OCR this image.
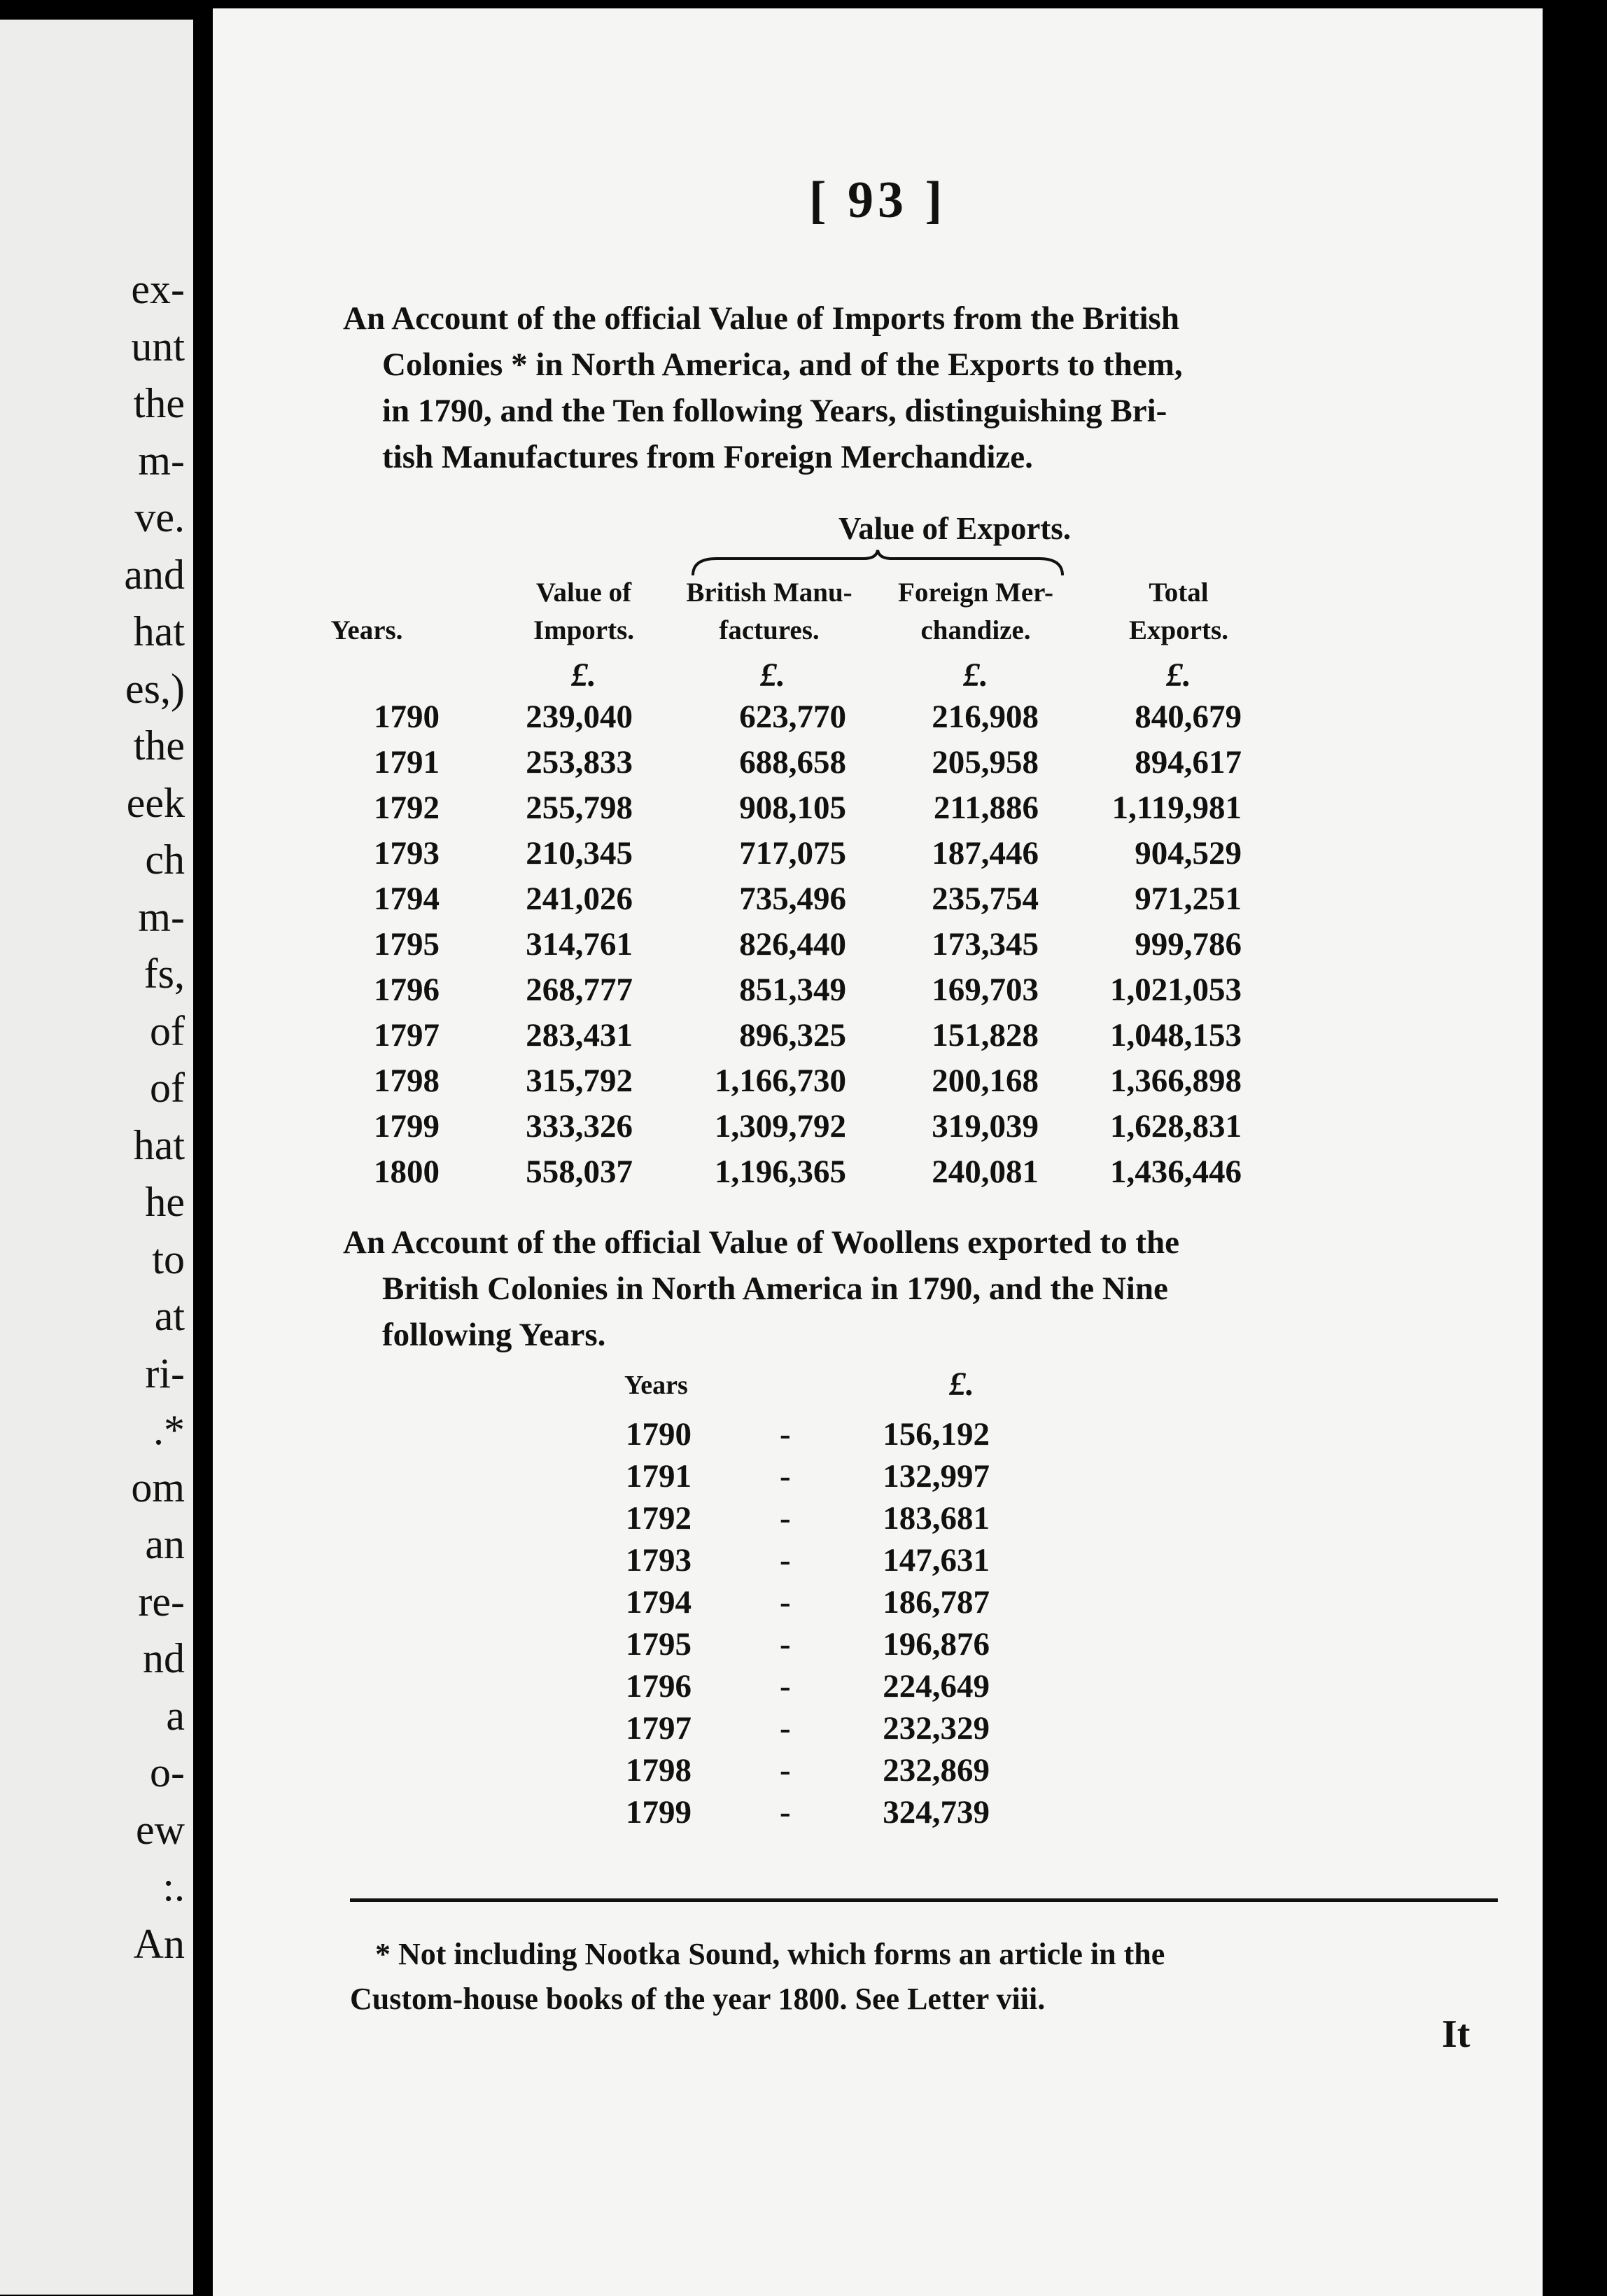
ex-
unt
the
m-
ve.
and
hat
es,)
the
eek
ch
m-
fs,
of
of
hat
he
to
at
ri-
.*
om
an
re-
nd
a
o-
ew
:.
An
[ 93 ]
An Account of the official Value of Imports from the British
Colonies * in North America, and of the Exports to them,
in 1790, and the Ten following Years, distinguishing Bri-
tish Manufactures from Foreign Merchandize.
Value of Exports.
Years.
Value of
Imports.
British Manu-
factures.
Foreign Mer-
chandize.
Total
Exports.
£.	£.	£.	£.
1790	239,040	623,770	216,908	840,679
1791	253,833	688,658	205,958	894,617
1792	255,798	908,105	211,886 1,119,981
1793	210,345	717,075	187,446	904,529
1794	241,026	735,496	235,754	971,251
1795	314,761	826,440	173,345	999,786
1796	268,777	851,349	169,703 1,021,053
1797	283,431	896,325	151,828 1,048,153
1798	315,792 1,166,730	200,168 1,366,898
1799	333,326 1,309,792	319,039 1,628,831
1800	558,037 1,196,365	240,081 1,436,446
An Account of the official Value of Woollens exported to the
British Colonies in North America in 1790, and the Nine
following Years.
Years	£.
1790	-	156,192
1791	-	132,997
1792	-	183,681
1793	-	147,631
1794	-	186,787
1795	-	196,876
1796	-	224,649
1797	-	232,329
1798	-	232,869
1799	-	324,739
* Not including Nootka Sound, which forms an article in the
Custom-house books of the year 1800. See Letter viii.
It
